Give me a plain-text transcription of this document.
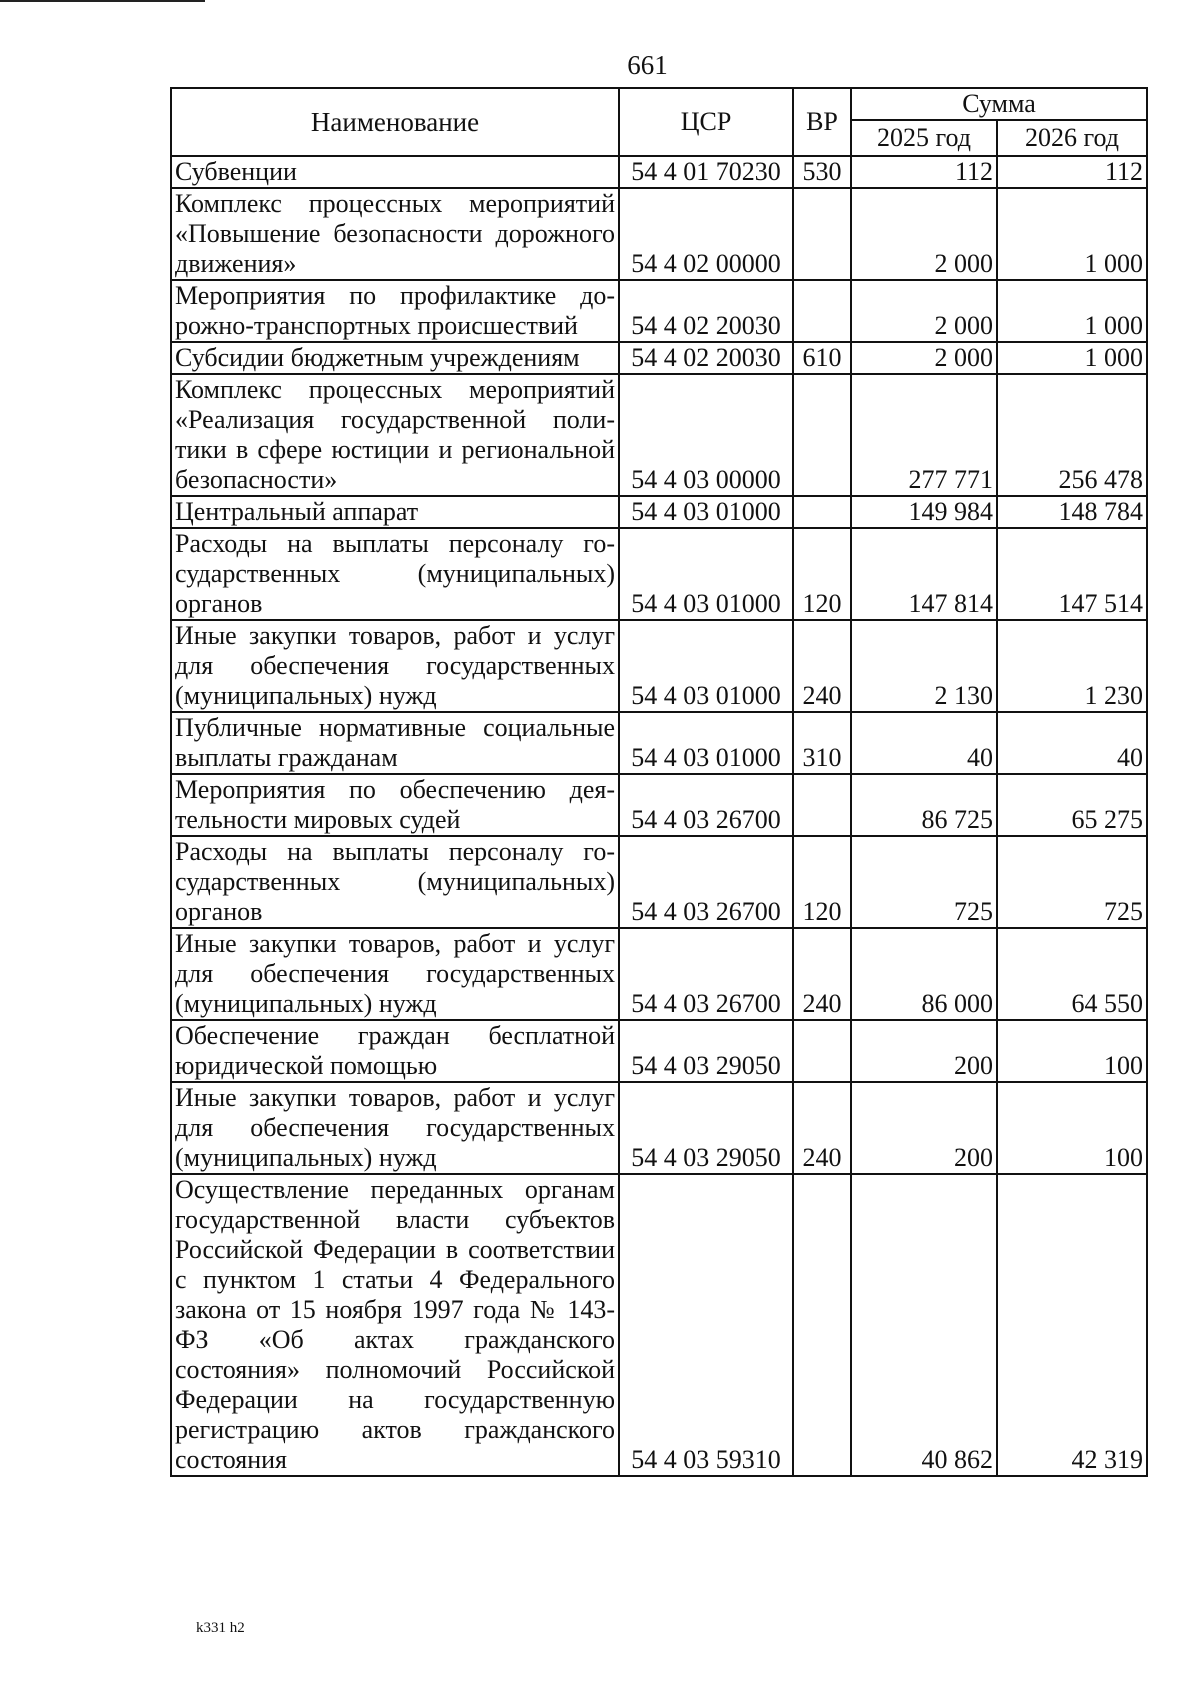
661
Наименование	ЦСР	ВР	Сумма	
			2025 год	2026 год
Субвенции	54 4 01 70230	530	112	112
Комплекс процессных мероприятий «Повышение безопасности дорожного движения»	54 4 02 00000		2 000	1 000
Мероприятия по профилактике дорожно-транспортных происшествий	54 4 02 20030		2 000	1 000
Субсидии бюджетным учреждениям	54 4 02 20030	610	2 000	1 000
Комплекс процессных мероприятий «Реализация государственной политики в сфере юстиции и региональной безопасности»	54 4 03 00000		277 771	256 478
Центральный аппарат	54 4 03 01000		149 984	148 784
Расходы на выплаты персоналу государственных (муниципальных) органов	54 4 03 01000	120	147 814	147 514
Иные закупки товаров, работ и услуг для обеспечения государственных (муниципальных) нужд	54 4 03 01000	240	2 130	1 230
Публичные нормативные социальные выплаты гражданам	54 4 03 01000	310	40	40
Мероприятия по обеспечению деятельности мировых судей	54 4 03 26700		86 725	65 275
Расходы на выплаты персоналу государственных (муниципальных) органов	54 4 03 26700	120	725	725
Иные закупки товаров, работ и услуг для обеспечения государственных (муниципальных) нужд	54 4 03 26700	240	86 000	64 550
Обеспечение граждан бесплатной юридической помощью	54 4 03 29050		200	100
Иные закупки товаров, работ и услуг для обеспечения государственных (муниципальных) нужд	54 4 03 29050	240	200	100
Осуществление переданных органам государственной власти субъектов Российской Федерации в соответствии с пунктом 1 статьи 4 Федерального закона от 15 ноября 1997 года № 143-ФЗ «Об актах гражданского состояния» полномочий Российской Федерации на государственную регистрацию актов гражданского состояния	54 4 03 59310		40 862	42 319
k331 h2
